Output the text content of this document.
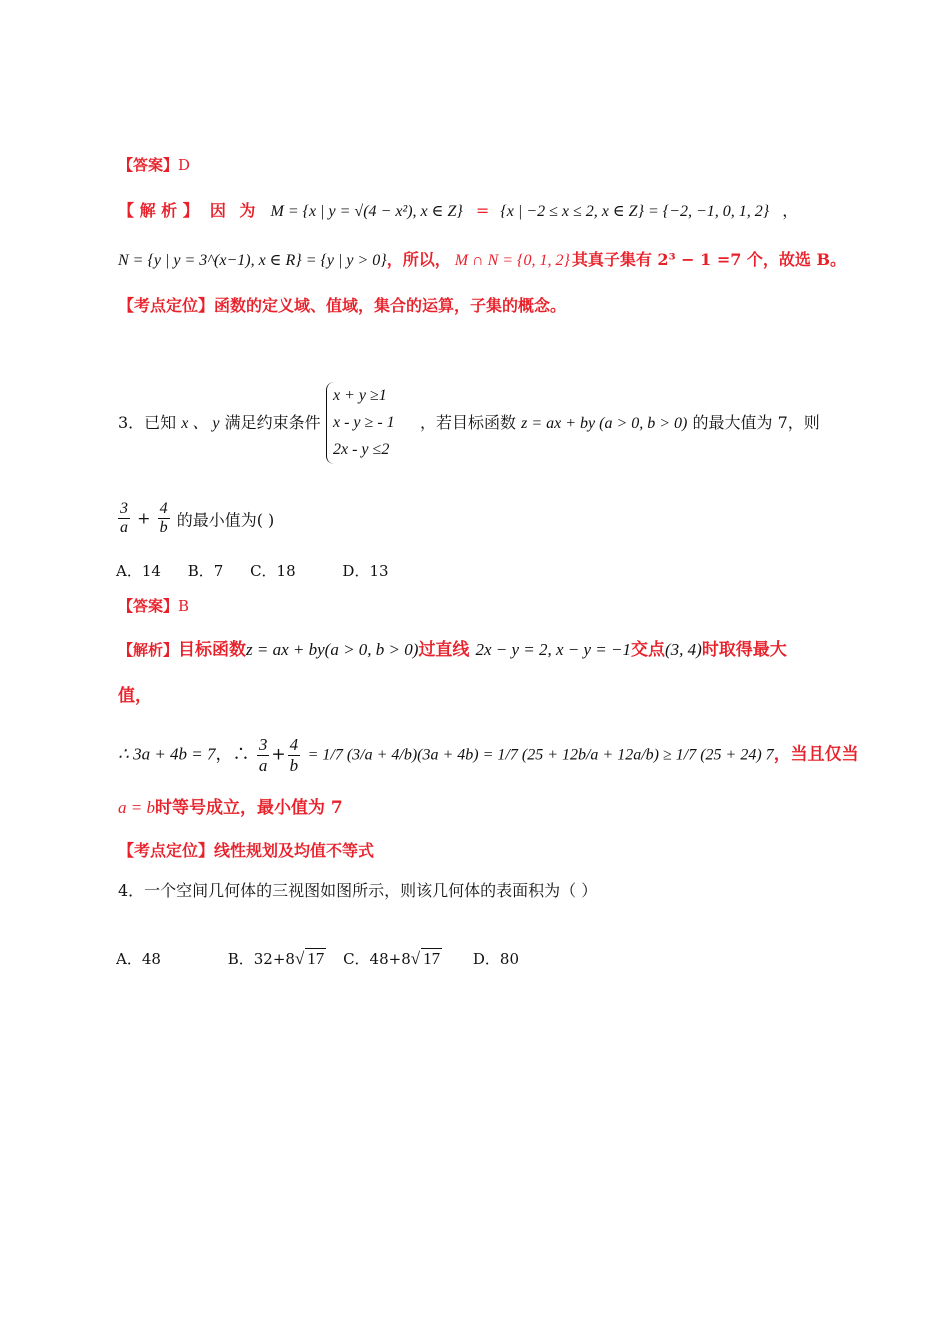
【答案】D
【 解 析 】 因 为 M = {x | y = √(4 − x²), x ∈ Z} = {x | −2 ≤ x ≤ 2, x ∈ Z} = {−2, −1, 0, 1, 2} ，
N = {y | y = 3^(x−1), x ∈ R} = {y | y > 0}，所以， M ∩ N = {0, 1, 2} 其真子集有 2³ − 1 =7 个，故选 B。
【考点定位】函数的定义域、值域，集合的运算，子集的概念。
3．已知 x 、 y 满足约束条件
x + y ≥1
x - y ≥ - 1
2x - y ≤2
，若目标函数 z = ax + by (a > 0, b > 0) 的最大值为 7，则
$\frac{3}{a} + \frac{4}{b}$ 的最小值为( )
A．14 B．7 C．18	D．13
【答案】B
【解析】目标函数z = ax + by(a > 0, b > 0)过直线 2x − y = 2, x − y = −1交点(3, 4)时取得最大
值，
∴ 3a + 4b = 7，∴ $\frac{3}{a} + \frac{4}{b} = 1/7$ (3/a + 4/b)(3a + 4b) = 1/7 (25 + 12b/a + 12a/b) ≥ 1/7 (25 + 24) 7，当且仅当
a = b时等号成立，最小值为 7
【考点定位】线性规划及均值不等式
4．一个空间几何体的三视图如图所示，则该几何体的表面积为（ ）
A．48	B．32+8√ 17 C．48+8√ 17 D．80
